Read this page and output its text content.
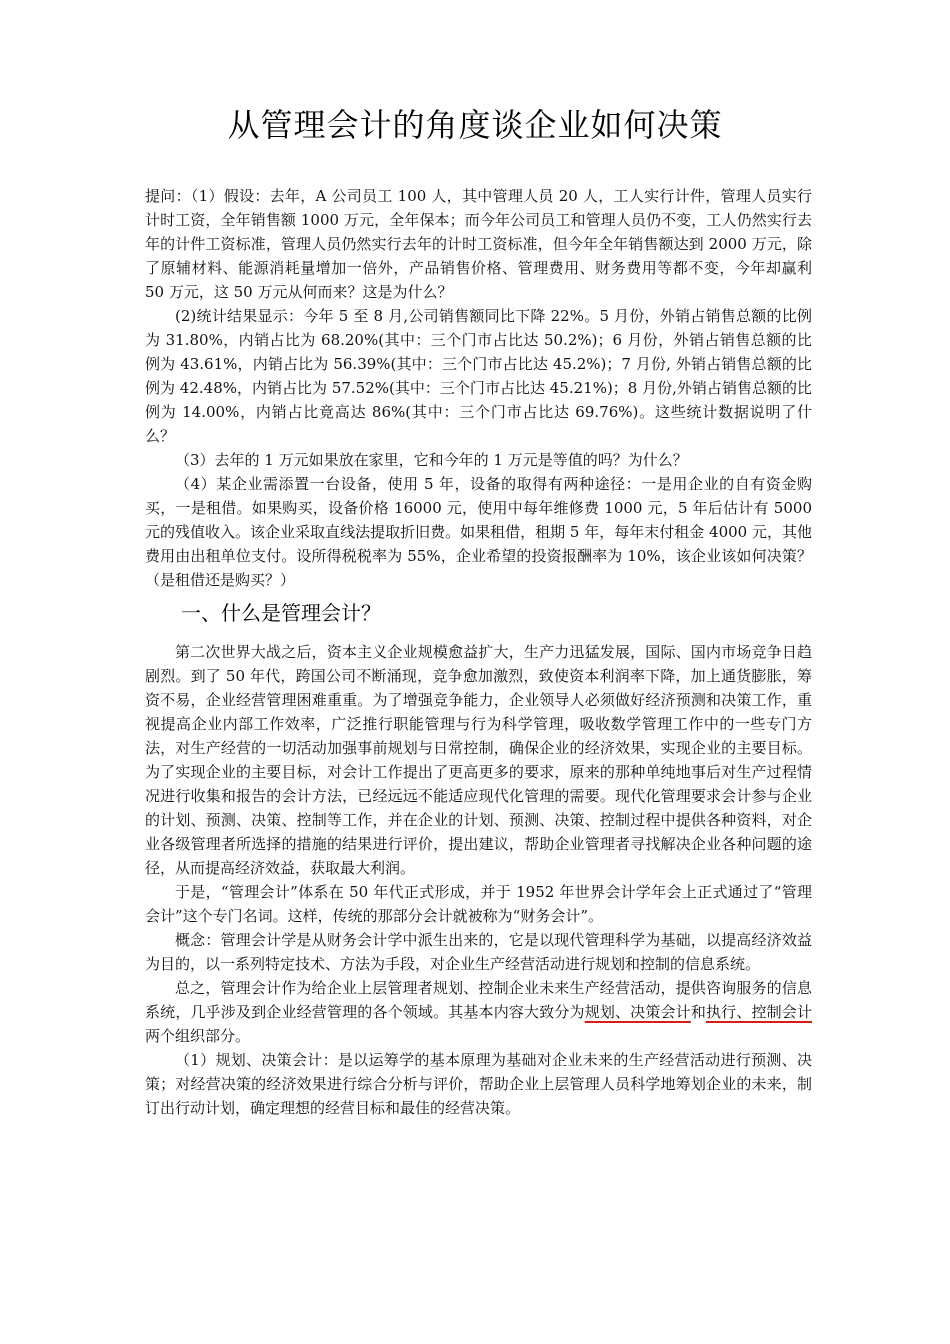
从管理会计的角度谈企业如何决策

提问：（1）假设：去年，A 公司员工 100 人，其中管理人员 20 人，工人实行计件，管理人员实行计时工资，全年销售额 1000 万元，全年保本；而今年公司员工和管理人员仍不变，工人仍然实行去年的计件工资标准，管理人员仍然实行去年的计时工资标准，但今年全年销售额达到 2000 万元，除了原辅材料、能源消耗量增加一倍外，产品销售价格、管理费用、财务费用等都不变，今年却赢利 50 万元，这 50 万元从何而来？这是为什么？

(2)统计结果显示：今年 5 至 8 月,公司销售额同比下降 22%。5 月份，外销占销售总额的比例为 31.80%，内销占比为 68.20%(其中：三个门市占比达 50.2%)；6 月份，外销占销售总额的比例为 43.61%，内销占比为 56.39%(其中：三个门市占比达 45.2%)；7 月份, 外销占销售总额的比例为 42.48%，内销占比为 57.52%(其中：三个门市占比达 45.21%)；8 月份,外销占销售总额的比例为 14.00%，内销占比竟高达 86%(其中：三个门市占比达 69.76%)。这些统计数据说明了什么？

（3）去年的 1 万元如果放在家里，它和今年的 1 万元是等值的吗？为什么？

（4）某企业需添置一台设备，使用 5 年，设备的取得有两种途径：一是用企业的自有资金购买，一是租借。如果购买，设备价格 16000 元，使用中每年维修费 1000 元，5 年后估计有 5000 元的残值收入。该企业采取直线法提取折旧费。如果租借，租期 5 年，每年末付租金 4000 元，其他费用由出租单位支付。设所得税税率为 55%，企业希望的投资报酬率为 10%，该企业该如何决策？（是租借还是购买？）

一、什么是管理会计？

第二次世界大战之后，资本主义企业规模愈益扩大，生产力迅猛发展，国际、国内市场竞争日趋剧烈。到了 50 年代，跨国公司不断涌现，竞争愈加激烈，致使资本利润率下降，加上通货膨胀，筹资不易，企业经营管理困难重重。为了增强竞争能力，企业领导人必须做好经济预测和决策工作，重视提高企业内部工作效率，广泛推行职能管理与行为科学管理，吸收数学管理工作中的一些专门方法，对生产经营的一切活动加强事前规划与日常控制，确保企业的经济效果，实现企业的主要目标。为了实现企业的主要目标，对会计工作提出了更高更多的要求，原来的那种单纯地事后对生产过程情况进行收集和报告的会计方法，已经远远不能适应现代化管理的需要。现代化管理要求会计参与企业的计划、预测、决策、控制等工作，并在企业的计划、预测、决策、控制过程中提供各种资料，对企业各级管理者所选择的措施的结果进行评价，提出建议，帮助企业管理者寻找解决企业各种问题的途径，从而提高经济效益，获取最大利润。

于是，“管理会计”体系在 50 年代正式形成，并于 1952 年世界会计学年会上正式通过了“管理会计”这个专门名词。这样，传统的那部分会计就被称为“财务会计”。

概念：管理会计学是从财务会计学中派生出来的，它是以现代管理科学为基础，以提高经济效益为目的，以一系列特定技术、方法为手段，对企业生产经营活动进行规划和控制的信息系统。

总之，管理会计作为给企业上层管理者规划、控制企业未来生产经营活动，提供咨询服务的信息系统，几乎涉及到企业经营管理的各个领域。其基本内容大致分为规划、决策会计和执行、控制会计两个组织部分。

（1）规划、决策会计：是以运筹学的基本原理为基础对企业未来的生产经营活动进行预测、决策；对经营决策的经济效果进行综合分析与评价，帮助企业上层管理人员科学地筹划企业的未来，制订出行动计划，确定理想的经营目标和最佳的经营决策。
